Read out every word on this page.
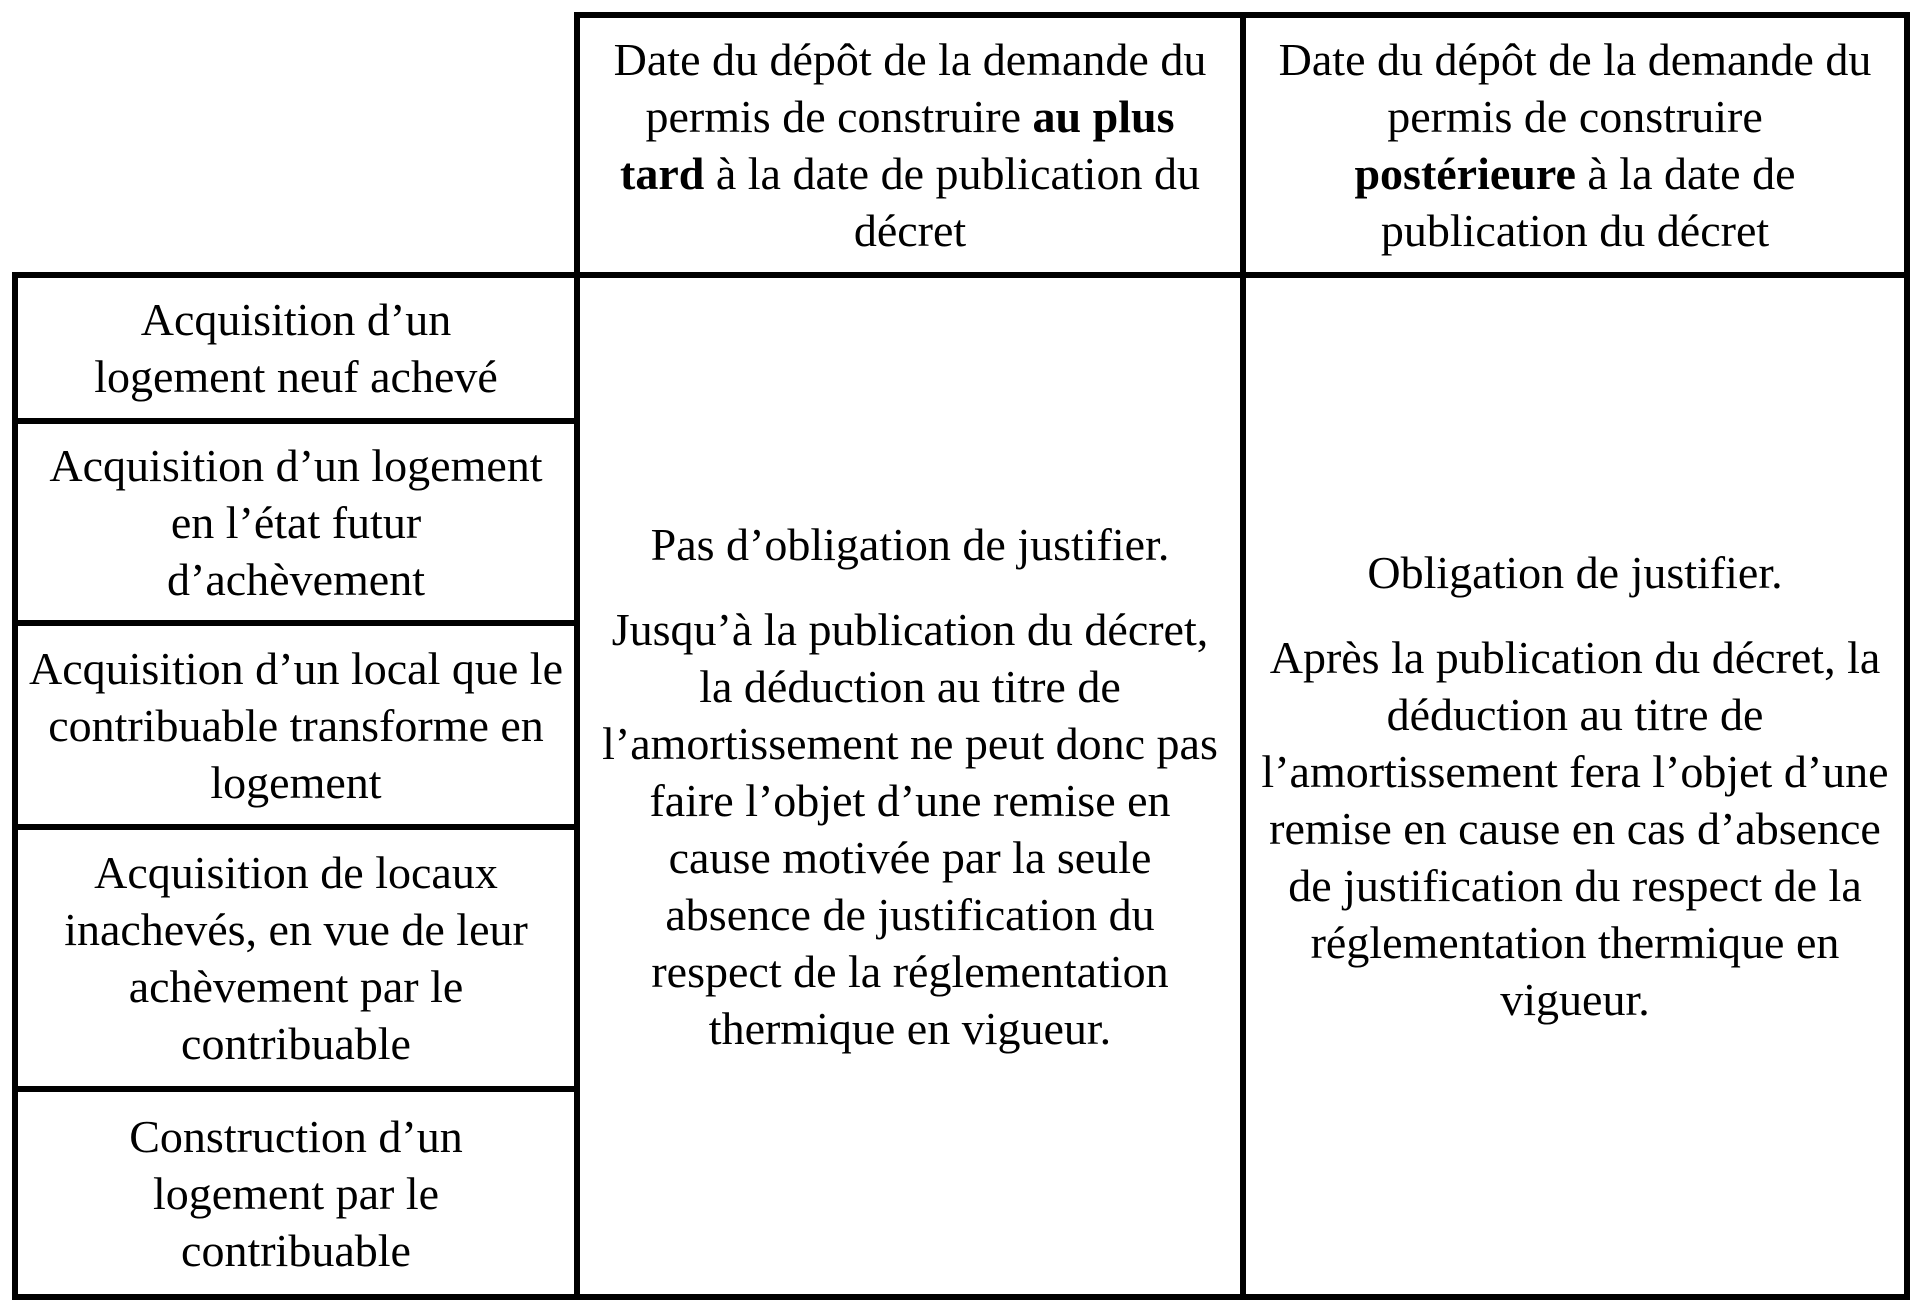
Date du dépôt de la demande du permis de construire au plus tard à la date de publication du décret
Date du dépôt de la demande du permis de construire postérieure à la date de publication du décret
Acquisition d’un logement neuf achevé
Acquisition d’un logement en l’état futur d’achèvement
Acquisition d’un local que le contribuable transforme en logement
Acquisition de locaux inachevés, en vue de leur achèvement par le contribuable
Construction d’un logement par le contribuable
Pas d’obligation de justifier.
Jusqu’à la publication du décret, la déduction au titre de l’amortissement ne peut donc pas faire l’objet d’une remise en cause motivée par la seule absence de justification du respect de la réglementation thermique en vigueur.
Obligation de justifier.
Après la publication du décret, la déduction au titre de l’amortissement fera l’objet d’une remise en cause en cas d’absence de justification du respect de la réglementation thermique en vigueur.
